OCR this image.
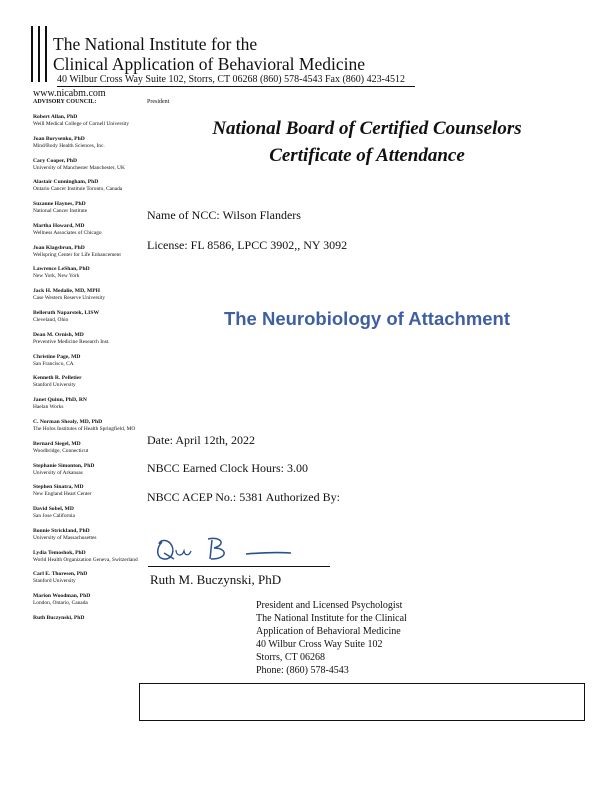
The National Institute for the
Clinical Application of Behavioral Medicine
40 Wilbur Cross Way Suite 102, Storrs, CT 06268 (860) 578-4543 Fax (860) 423-4512
www.nicabm.com
ADVISORY COUNCIL:	President
Robert Allan, PhD
Weill Medical College of Cornell University
Joan Borysenko, PhD
Mind/Body Health Sciences, Inc.
Cary Cooper, PhD
University of Manchester Manchester, UK
Alastair Cunningham, PhD
Ontario Cancer Institute Toronto, Canada
Suzanne Haynes, PhD
National Cancer Institute
Martha Howard, MD
Wellness Associates of Chicago
Joan Klagsbrun, PhD
Wellspring Center for Life Enhancement
Lawrence LeShan, PhD
New York, New York
Jack H. Medalie, MD, MPH
Case Western Reserve University
Belleruth Naparstek, LISW
Cleveland, Ohio
Dean M. Ornish, MD
Preventive Medicine Research Inst.
Christine Page, MD
San Francisco, CA
Kenneth R. Pelletier
Stanford University
Janet Quinn, PhD, RN
Haelan Works
C. Norman Shealy, MD, PhD
The Holos Institutes of Health Springfield, MO
Bernard Siegel, MD
Woodbridge, Connecticut
Stephanie Simonton, PhD
University of Arkansas
Stephen Sinatra, MD
New England Heart Center
David Sobel, MD
San Jose California
Bonnie Strickland, PhD
University of Massachusettes
Lydia Temoshok, PhD
World Health Organization Geneva, Switzerland
Carl E. Thoresen, PhD
Stanford University
Marion Woodman, PhD
London, Ontario, Canada
Ruth Buczynski, PhD
National Board of Certified Counselors
Certificate of Attendance
Name of NCC: Wilson Flanders
License: FL 8586, LPCC 3902,, NY 3092
The Neurobiology of Attachment
Date: April 12th, 2022
NBCC Earned Clock Hours: 3.00
NBCC ACEP No.: 5381 Authorized By:
Ruth M. Buczynski, PhD
President and Licensed Psychologist
The National Institute for the Clinical
Application of Behavioral Medicine
40 Wilbur Cross Way Suite 102
Storrs, CT 06268
Phone: (860) 578-4543
